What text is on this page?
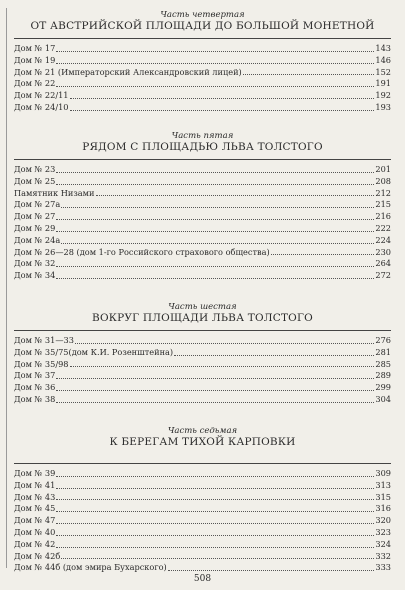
Часть четвертая
ОТ АВСТРИЙСКОЙ ПЛОЩАДИ ДО БОЛЬШОЙ МОНЕТНОЙ
Дом № 17	143
Дом № 19	146
Дом № 21 (Императорский Александровский лицей)	152
Дом № 22	191
Дом № 22/11	192
Дом № 24/10	193
Часть пятая
РЯДОМ С ПЛОЩАДЬЮ ЛЬВА ТОЛСТОГО
Дом № 23	201
Дом № 25	208
Памятник Низами	212
Дом № 27а	215
Дом № 27	216
Дом № 29	222
Дом № 24а	224
Дом № 26—28 (дом 1-го Российского страхового общества)	230
Дом № 32	264
Дом № 34	272
Часть шестая
ВОКРУГ ПЛОЩАДИ ЛЬВА ТОЛСТОГО
Дом № 31—33	276
Дом № 35/75(дом К.И. Розенштейна)	281
Дом № 35/98	285
Дом № 37	289
Дом № 36	299
Дом № 38	304
Часть седьмая
К БЕРЕГАМ ТИХОЙ КАРПОВКИ
Дом № 39	309
Дом № 41	313
Дом № 43	315
Дом № 45	316
Дом № 47	320
Дом № 40	323
Дом № 42	324
Дом № 42б	332
Дом № 44б (дом эмира Бухарского)	333
508
